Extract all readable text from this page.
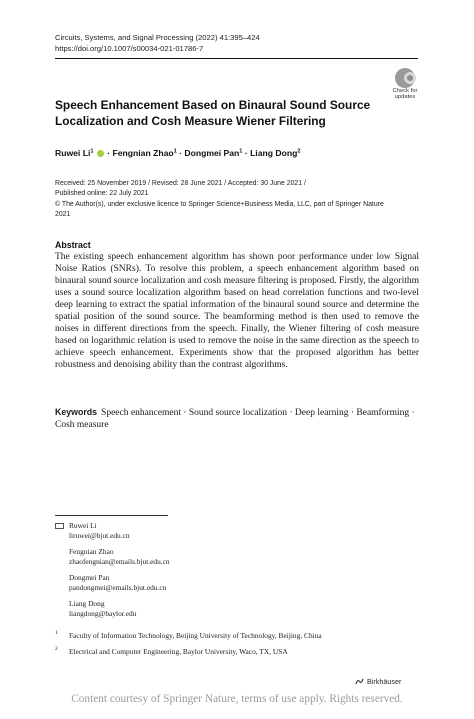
Circuits, Systems, and Signal Processing (2022) 41:395–424
https://doi.org/10.1007/s00034-021-01786-7
Check for
updates
Speech Enhancement Based on Binaural Sound Source Localization and Cosh Measure Wiener Filtering
Ruwei Li$^1$  · Fengnian Zhao$^1$ · Dongmei Pan$^1$ · Liang Dong$^2$
Received: 25 November 2019 / Revised: 28 June 2021 / Accepted: 30 June 2021 /
Published online: 22 July 2021
© The Author(s), under exclusive licence to Springer Science+Business Media, LLC, part of Springer Nature
2021
Abstract
The existing speech enhancement algorithm has shown poor performance under low Signal Noise Ratios (SNRs). To resolve this problem, a speech enhancement algorithm based on binaural sound source localization and cosh measure filtering is proposed. Firstly, the algorithm uses a sound source localization algorithm based on head correlation functions and two-level deep learning to extract the spatial information of the binaural sound source and determine the spatial position of the sound source. The beamforming method is then used to remove the noises in different directions from the speech. Finally, the Wiener filtering of cosh measure based on logarithmic relation is used to remove the noise in the same direction as the speech to achieve speech enhancement. Experiments show that the proposed algorithm has better robustness and denoising ability than the contrast algorithms.
Keywords Speech enhancement · Sound source localization · Deep learning · Beamforming · Cosh measure
Ruwei Li
liruwei@bjut.edu.cn
Fengnian Zhao
zhaofengnian@emails.bjut.edu.cn
Dongmei Pan
pandongmei@emails.bjut.edu.cn
Liang Dong
liangdong@baylor.edu
1 Faculty of Information Technology, Beijing University of Technology, Beijing, China
2 Electrical and Computer Engineering, Baylor University, Waco, TX, USA
Birkhäuser
Content courtesy of Springer Nature, terms of use apply. Rights reserved.
